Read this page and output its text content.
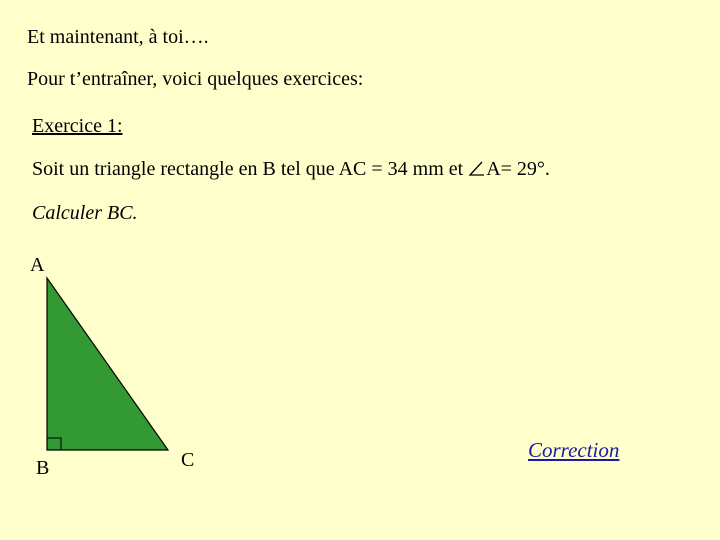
Et maintenant, à toi….
Pour t’entraîner, voici quelques exercices:
Exercice 1:
Soit un triangle rectangle en B tel que AC = 34 mm et A= 29°.
Calculer BC.
A
B	C	Correction
